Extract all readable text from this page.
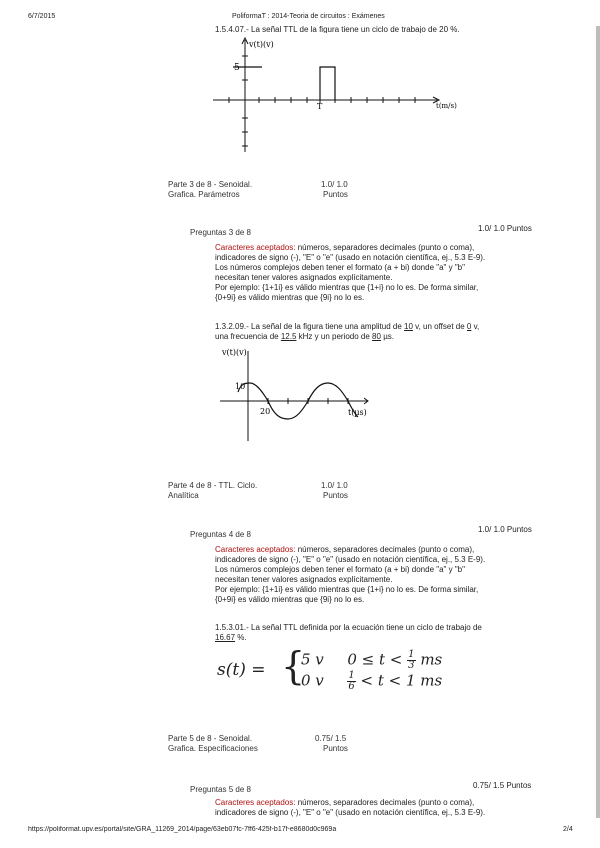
6/7/2015	PoliformaT : 2014-Teoria de circuitos : Exámenes
1.5.4.07.- La señal TTL de la figura tiene un ciclo de trabajo de 20 %.
v(t)(v)
5
T	t(m/s)
Parte 3 de 8 - Senoidal.
Grafica. Parámetros
1.0/ 1.0
Puntos
Preguntas 3 de 8	1.0/ 1.0 Puntos
Caracteres aceptados: números, separadores decimales (punto o coma),
indicadores de signo (-), "E" o "e" (usado en notación científica, ej., 5.3 E-9).
Los números complejos deben tener el formato (a + bi) donde "a" y "b"
necesitan tener valores asignados explícitamente.
Por ejemplo: {1+1i} es válido mientras que {1+i} no lo es. De forma similar,
{0+9i} es válido mientras que {9i} no lo es.
1.3.2.09.- La señal de la figura tiene una amplitud de 10 v, un offset de 0 v,
una frecuencia de 12.5 kHz y un periodo de 80 µs.
v(t)(v)
10
20	t(µs)
Parte 4 de 8 - TTL. Ciclo.
Analítica
1.0/ 1.0
Puntos
Preguntas 4 de 8
1.0/ 1.0 Puntos
Caracteres aceptados: números, separadores decimales (punto o coma),
indicadores de signo (-), "E" o "e" (usado en notación científica, ej., 5.3 E-9).
Los números complejos deben tener el formato (a + bi) donde "a" y "b"
necesitan tener valores asignados explícitamente.
Por ejemplo: {1+1i} es válido mientras que {1+i} no lo es. De forma similar,
{0+9i} es válido mientras que {9i} no lo es.
1.5.3.01.- La señal TTL definida por la ecuación tiene un ciclo de trabajo de
16.67 %.
s(t) = {
5 v $0 \le t < \frac{1}{3}$ ms
0 v $\frac{1}{6} < t < 1$ ms
Parte 5 de 8 - Senoidal.
Grafica. Especificaciones
0.75/ 1.5
Puntos
Preguntas 5 de 8	0.75/ 1.5 Puntos
Caracteres aceptados: números, separadores decimales (punto o coma),
indicadores de signo (-), "E" o "e" (usado en notación científica, ej., 5.3 E-9).
https://poliformat.upv.es/portal/site/GRA_11269_2014/page/63eb07fc-7ff6-425f-b17f-e8680d0c969a	2/4
